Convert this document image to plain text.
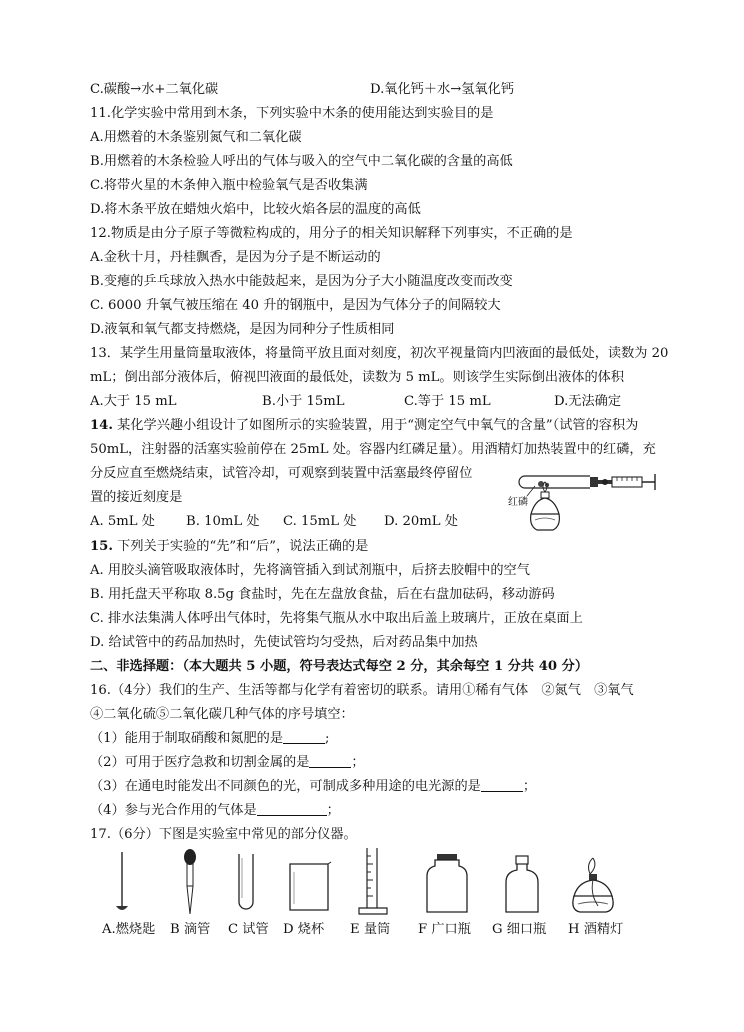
C.碳酸→水+二氧化碳	D.氧化钙＋水→氢氧化钙
11.化学实验中常用到木条，下列实验中木条的使用能达到实验目的是
A.用燃着的木条鉴别氮气和二氧化碳
B.用燃着的木条检验人呼出的气体与吸入的空气中二氧化碳的含量的高低
C.将带火星的木条伸入瓶中检验氧气是否收集满
D.将木条平放在蜡烛火焰中，比较火焰各层的温度的高低
12.物质是由分子原子等微粒构成的，用分子的相关知识解释下列事实，不正确的是
A.金秋十月，丹桂飘香，是因为分子是不断运动的
B.变瘪的乒乓球放入热水中能鼓起来，是因为分子大小随温度改变而改变
C. 6000 升氧气被压缩在 40 升的钢瓶中，是因为气体分子的间隔较大
D.液氧和氧气都支持燃烧，是因为同种分子性质相同
13．某学生用量筒量取液体，将量筒平放且面对刻度，初次平视量筒内凹液面的最低处，读数为 20
mL；倒出部分液体后，俯视凹液面的最低处，读数为 5 mL。则该学生实际倒出液体的体积
A.大于 15 mL	B.小于 15mL	C.等于 15 mL	D.无法确定
14. 某化学兴趣小组设计了如图所示的实验装置，用于“测定空气中氧气的含量”（试管的容积为
50mL，注射器的活塞实验前停在 25mL 处。容器内红磷足量）。用酒精灯加热装置中的红磷，充
分反应直至燃烧结束，试管冷却，可观察到装置中活塞最终停留位
置的接近刻度是
A. 5mL 处 B. 10mL 处 C. 15mL 处 D. 20mL 处
红磷
15. 下列关于实验的“先”和“后”，说法正确的是
A. 用胶头滴管吸取液体时，先将滴管插入到试剂瓶中，后挤去胶帽中的空气
B. 用托盘天平称取 8.5g 食盐时，先在左盘放食盐，后在右盘加砝码，移动游码
C. 排水法集满人体呼出气体时，先将集气瓶从水中取出后盖上玻璃片，正放在桌面上
D. 给试管中的药品加热时，先使试管均匀受热，后对药品集中加热
二、非选择题：（本大题共 5 小题，符号表达式每空 2 分，其余每空 1 分共 40 分）
16.（4分）我们的生产、生活等都与化学有着密切的联系。请用①稀有气体　②氮气　③氧气
④二氧化硫⑤二氧化碳几种气体的序号填空：
（1）能用于制取硝酸和氮肥的是	;
（2）可用于医疗急救和切割金属的是	；
（3）在通电时能发出不同颜色的光，可制成多种用途的电光源的是	；
（4）参与光合作用的气体是	；
17.（6分）下图是实验室中常见的部分仪器。
A.燃烧匙 B 滴管 C 试管 D 烧杯 E 量筒 F 广口瓶 G 细口瓶 H 酒精灯
